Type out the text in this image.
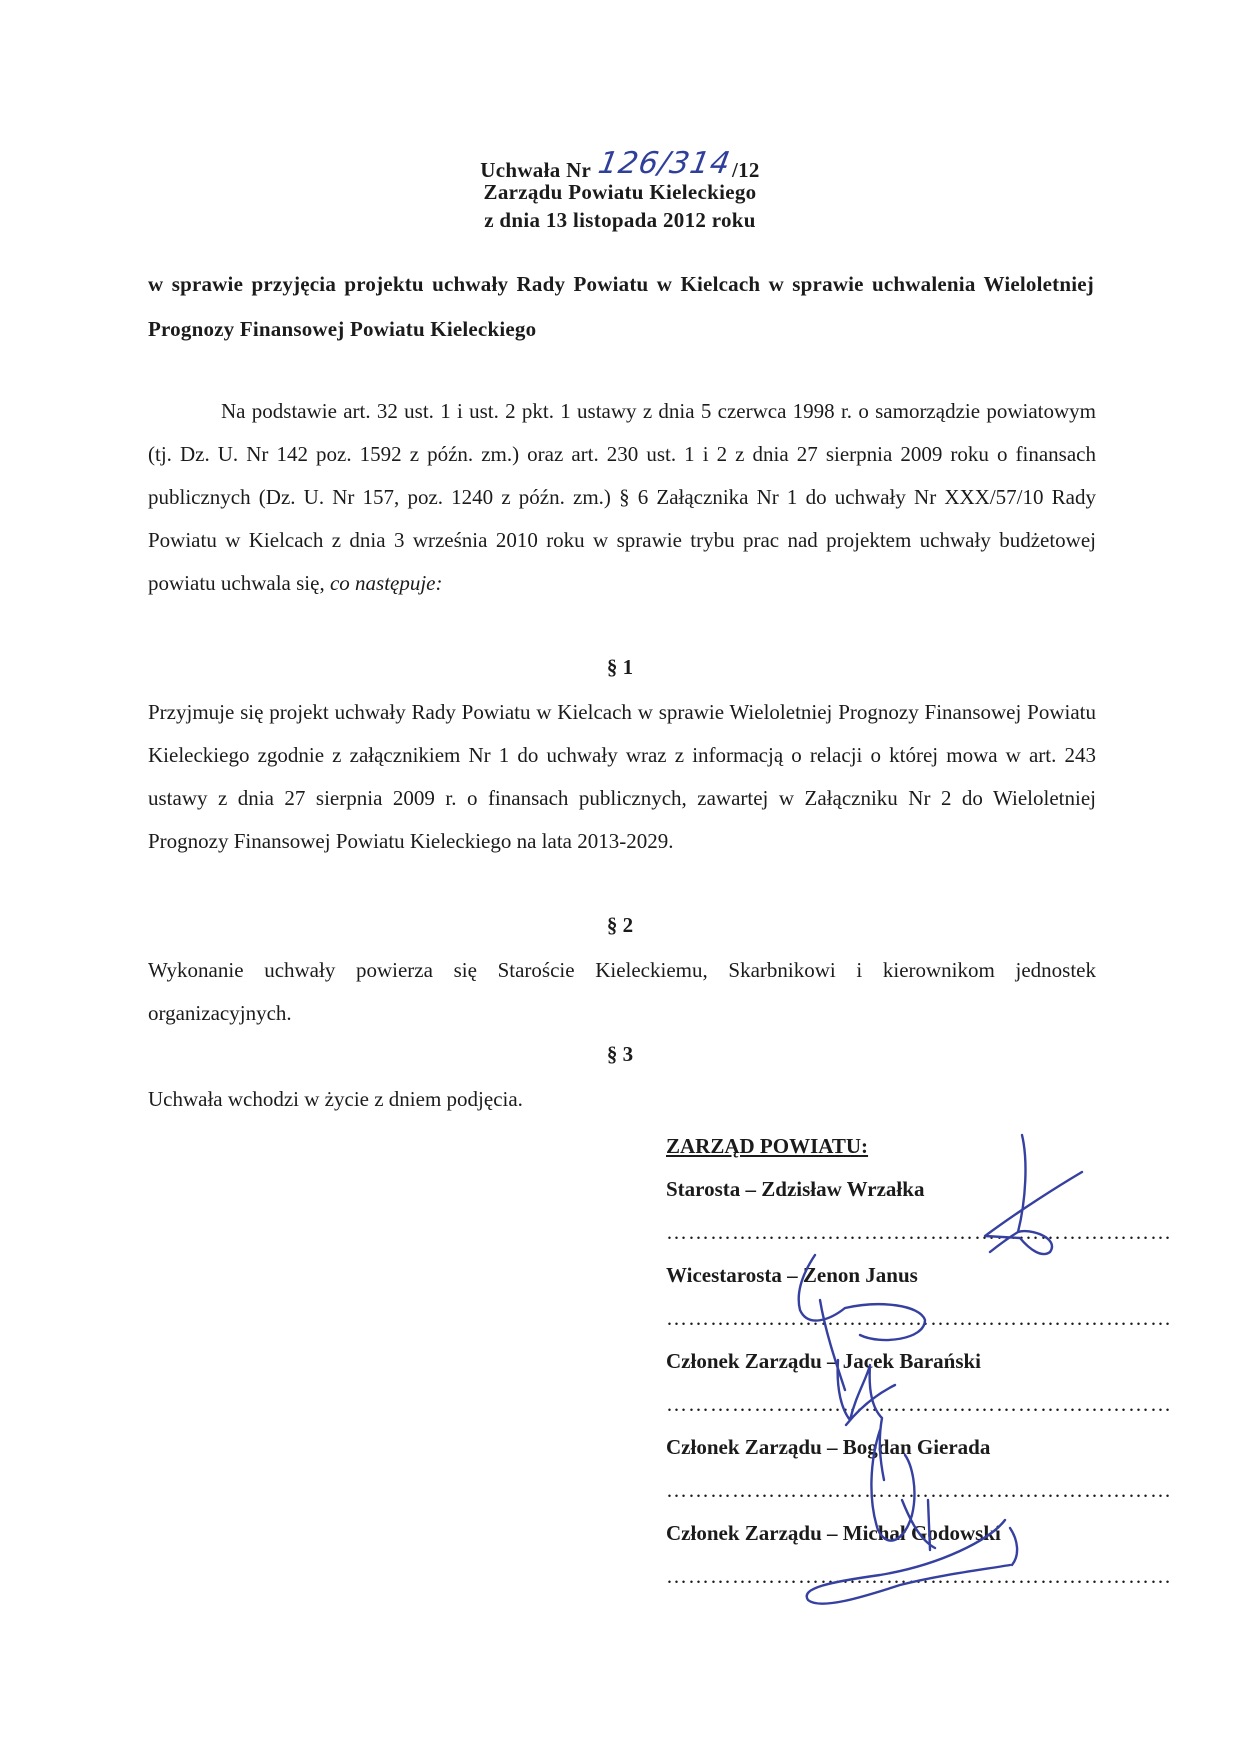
Uchwała Nr 126/314/12
Zarządu Powiatu Kieleckiego
z dnia 13 listopada 2012 roku
w sprawie przyjęcia projektu uchwały Rady Powiatu w Kielcach w sprawie uchwalenia Wieloletniej Prognozy Finansowej Powiatu Kieleckiego
Na podstawie art. 32 ust. 1 i ust. 2 pkt. 1 ustawy z dnia 5 czerwca 1998 r. o samorządzie powiatowym (tj. Dz. U. Nr 142 poz. 1592 z późn. zm.) oraz art. 230 ust. 1 i 2 z dnia 27 sierpnia 2009 roku o finansach publicznych (Dz. U. Nr 157, poz. 1240 z późn. zm.) § 6 Załącznika Nr 1 do uchwały Nr XXX/57/10 Rady Powiatu w Kielcach z dnia 3 września 2010 roku w sprawie trybu prac nad projektem uchwały budżetowej powiatu uchwala się, co następuje:
§ 1
Przyjmuje się projekt uchwały Rady Powiatu w Kielcach w sprawie Wieloletniej Prognozy Finansowej Powiatu Kieleckiego zgodnie z załącznikiem Nr 1 do uchwały wraz z informacją o relacji o której mowa w art. 243 ustawy z dnia 27 sierpnia 2009 r. o finansach publicznych, zawartej w Załączniku Nr 2 do Wieloletniej Prognozy Finansowej Powiatu Kieleckiego na lata 2013-2029.
§ 2
Wykonanie uchwały powierza się Staroście Kieleckiemu, Skarbnikowi i kierownikom jednostek organizacyjnych.
§ 3
Uchwała wchodzi w życie z dniem podjęcia.
ZARZĄD POWIATU:
Starosta – Zdzisław Wrzałka
……………………………………………………………
Wicestarosta – Zenon Janus
……………………………………………………………
Członek Zarządu – Jacek Barański
……………………………………………………………
Członek Zarządu – Bogdan Gierada
……………………………………………………………
Członek Zarządu – Michał Godowski
……………………………………………………………
